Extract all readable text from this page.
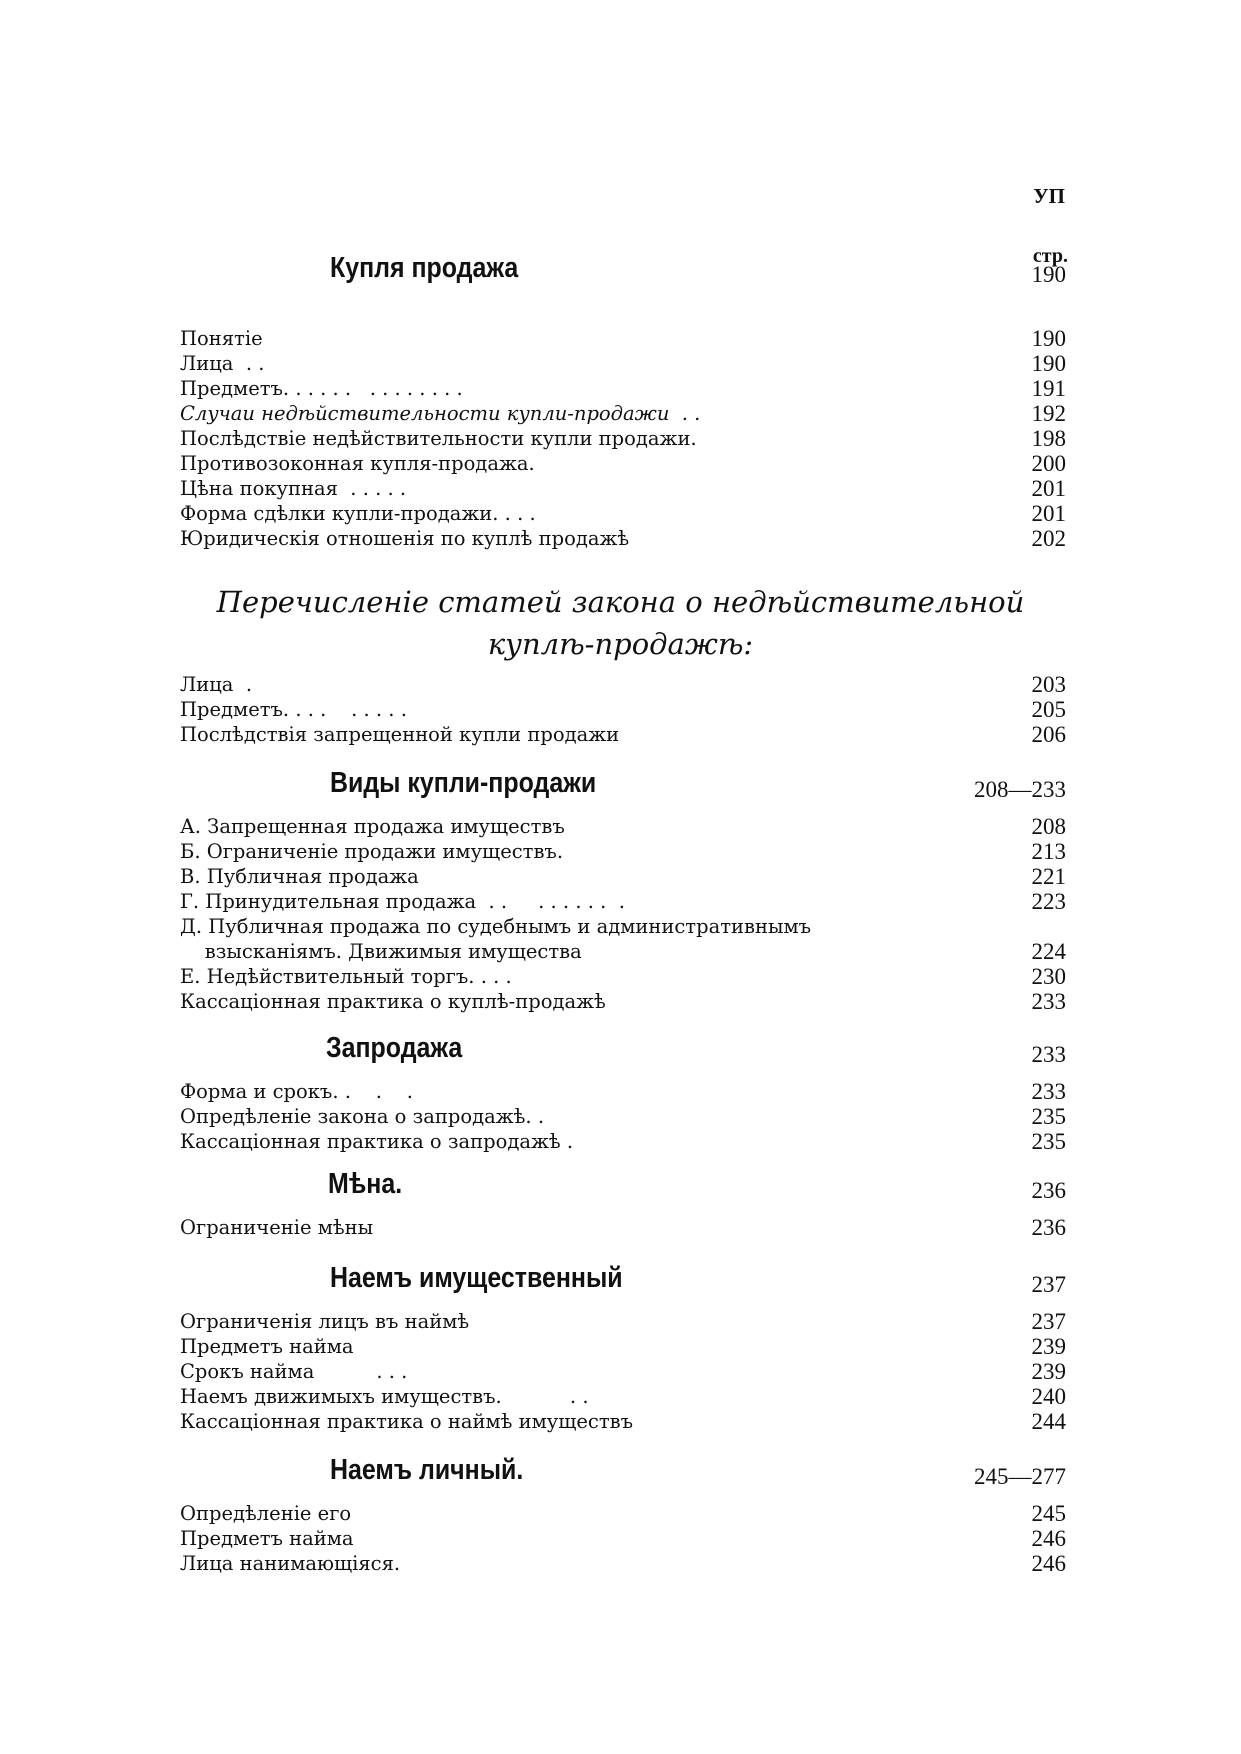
УП
стр.
Купля продажа	190
Понятiе	190
Лица  . .	190
Предметъ. . . . . .   . . . . . . . .	191
Случаи недѣйствительности купли-продажи  . .	192
Послѣдствiе недѣйствительности купли продажи.	198
Противозоконная купля-продажа.	200
Цѣна покупная  . . . . .	201
Форма сдѣлки купли-продажи. . . .	201
Юридическiя отношенiя по куплѣ продажѣ	202
Перечисленiе статей закона о недѣйствительной
куплѣ-продажѣ:
Лица  .	203
Предметъ. . . .    . . . . .	205
Послѣдствiя запрещенной купли продажи	206
Виды купли-продажи	208—233
А. Запрещенная продажа имуществъ	208
Б. Ограниченiе продажи имуществъ.	213
В. Публичная продажа	221
Г. Принудительная продажа  . .     . . . . . .  .	223
Д. Публичная продажа по судебнымъ и административнымъ
взысканiямъ. Движимыя имущества	224
Е. Недѣйствительный торгъ. . . .	230
Кассацiонная практика о куплѣ-продажѣ	233
Запродажа	233
Форма и срокъ. .    .    .	233
Опредѣленiе закона о запродажѣ. .	235
Кассацiонная практика о запродажѣ .	235
Мѣна.	236
Ограниченiе мѣны	236
Наемъ имущественный	237
Ограниченiя лицъ въ наймѣ	237
Предметъ найма	239
Срокъ найма          . . .	239
Наемъ движимыхъ имуществъ.           . .	240
Кассацiонная практика о наймѣ имуществъ	244
Наемъ личный.	245—277
Опредѣленiе его	245
Предметъ найма	246
Лица нанимающiяся.	246
